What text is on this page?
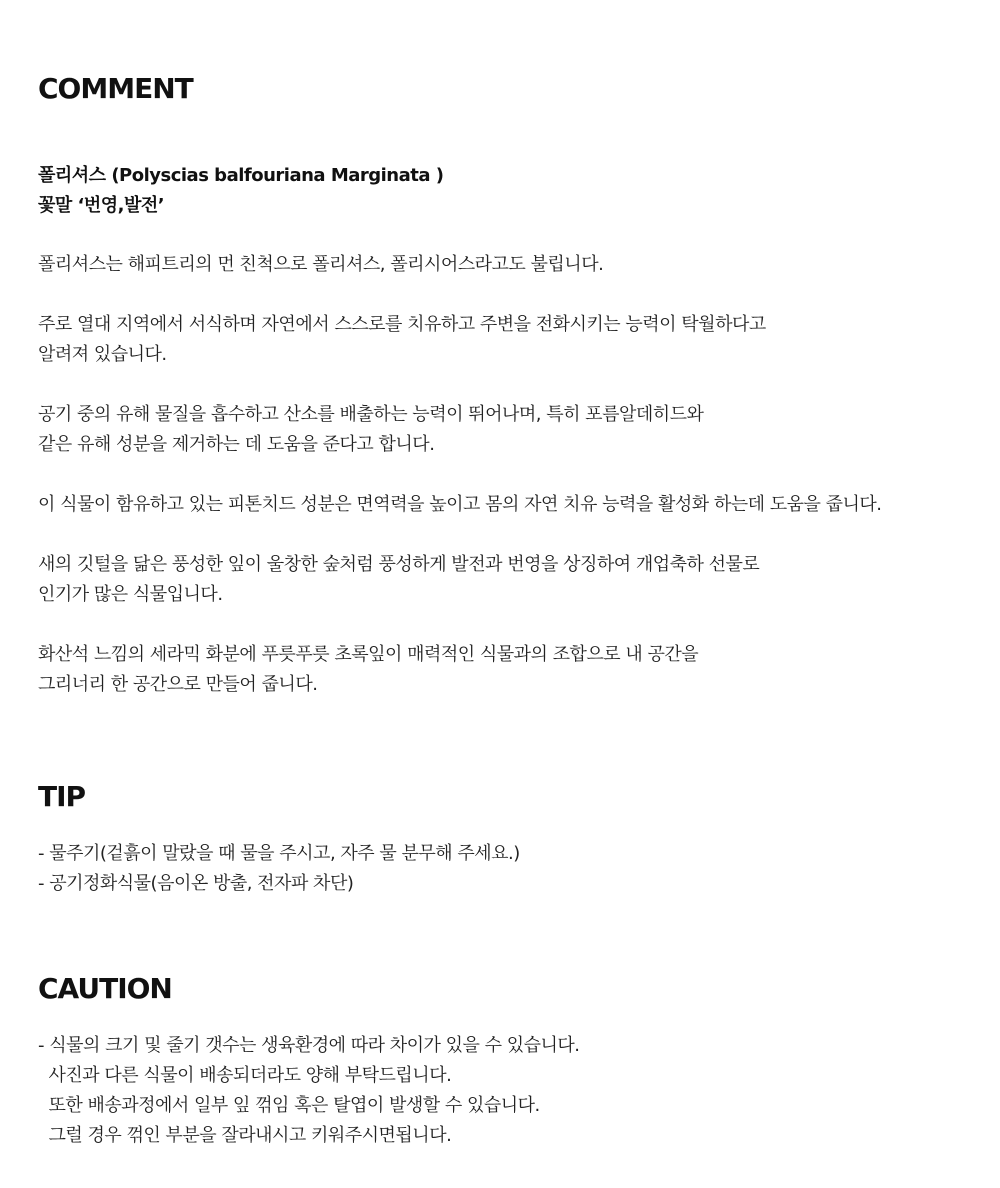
COMMENT
폴리셔스 (Polyscias balfouriana Marginata )
꽃말 ‘번영,발전’

폴리셔스는 해피트리의 먼 친척으로 폴리셔스, 폴리시어스라고도 불립니다.

주로 열대 지역에서 서식하며 자연에서 스스로를 치유하고 주변을 전화시키는 능력이 탁월하다고
알려져 있습니다.

공기 중의 유해 물질을 흡수하고 산소를 배출하는 능력이 뛰어나며, 특히 포름알데히드와
같은 유해 성분을 제거하는 데 도움을 준다고 합니다.

이 식물이 함유하고 있는 피톤치드 성분은 면역력을 높이고 몸의 자연 치유 능력을 활성화 하는데 도움을 줍니다.

새의 깃털을 닮은 풍성한 잎이 울창한 숲처럼 풍성하게 발전과 번영을 상징하여 개업축하 선물로
인기가 많은 식물입니다.

화산석 느낌의 세라믹 화분에 푸릇푸릇 초록잎이 매력적인 식물과의 조합으로 내 공간을
그리너리 한 공간으로 만들어 줍니다.

TIP
- 물주기(겉흙이 말랐을 때 물을 주시고, 자주 물 분무해 주세요.)
- 공기정화식물(음이온 방출, 전자파 차단)
CAUTION
- 식물의 크기 및 줄기 갯수는 생육환경에 따라 차이가 있을 수 있습니다.
사진과 다른 식물이 배송되더라도 양해 부탁드립니다.
또한 배송과정에서 일부 잎 꺾임 혹은 탈엽이 발생할 수 있습니다.
그럴 경우 꺾인 부분을 잘라내시고 키워주시면됩니다.
